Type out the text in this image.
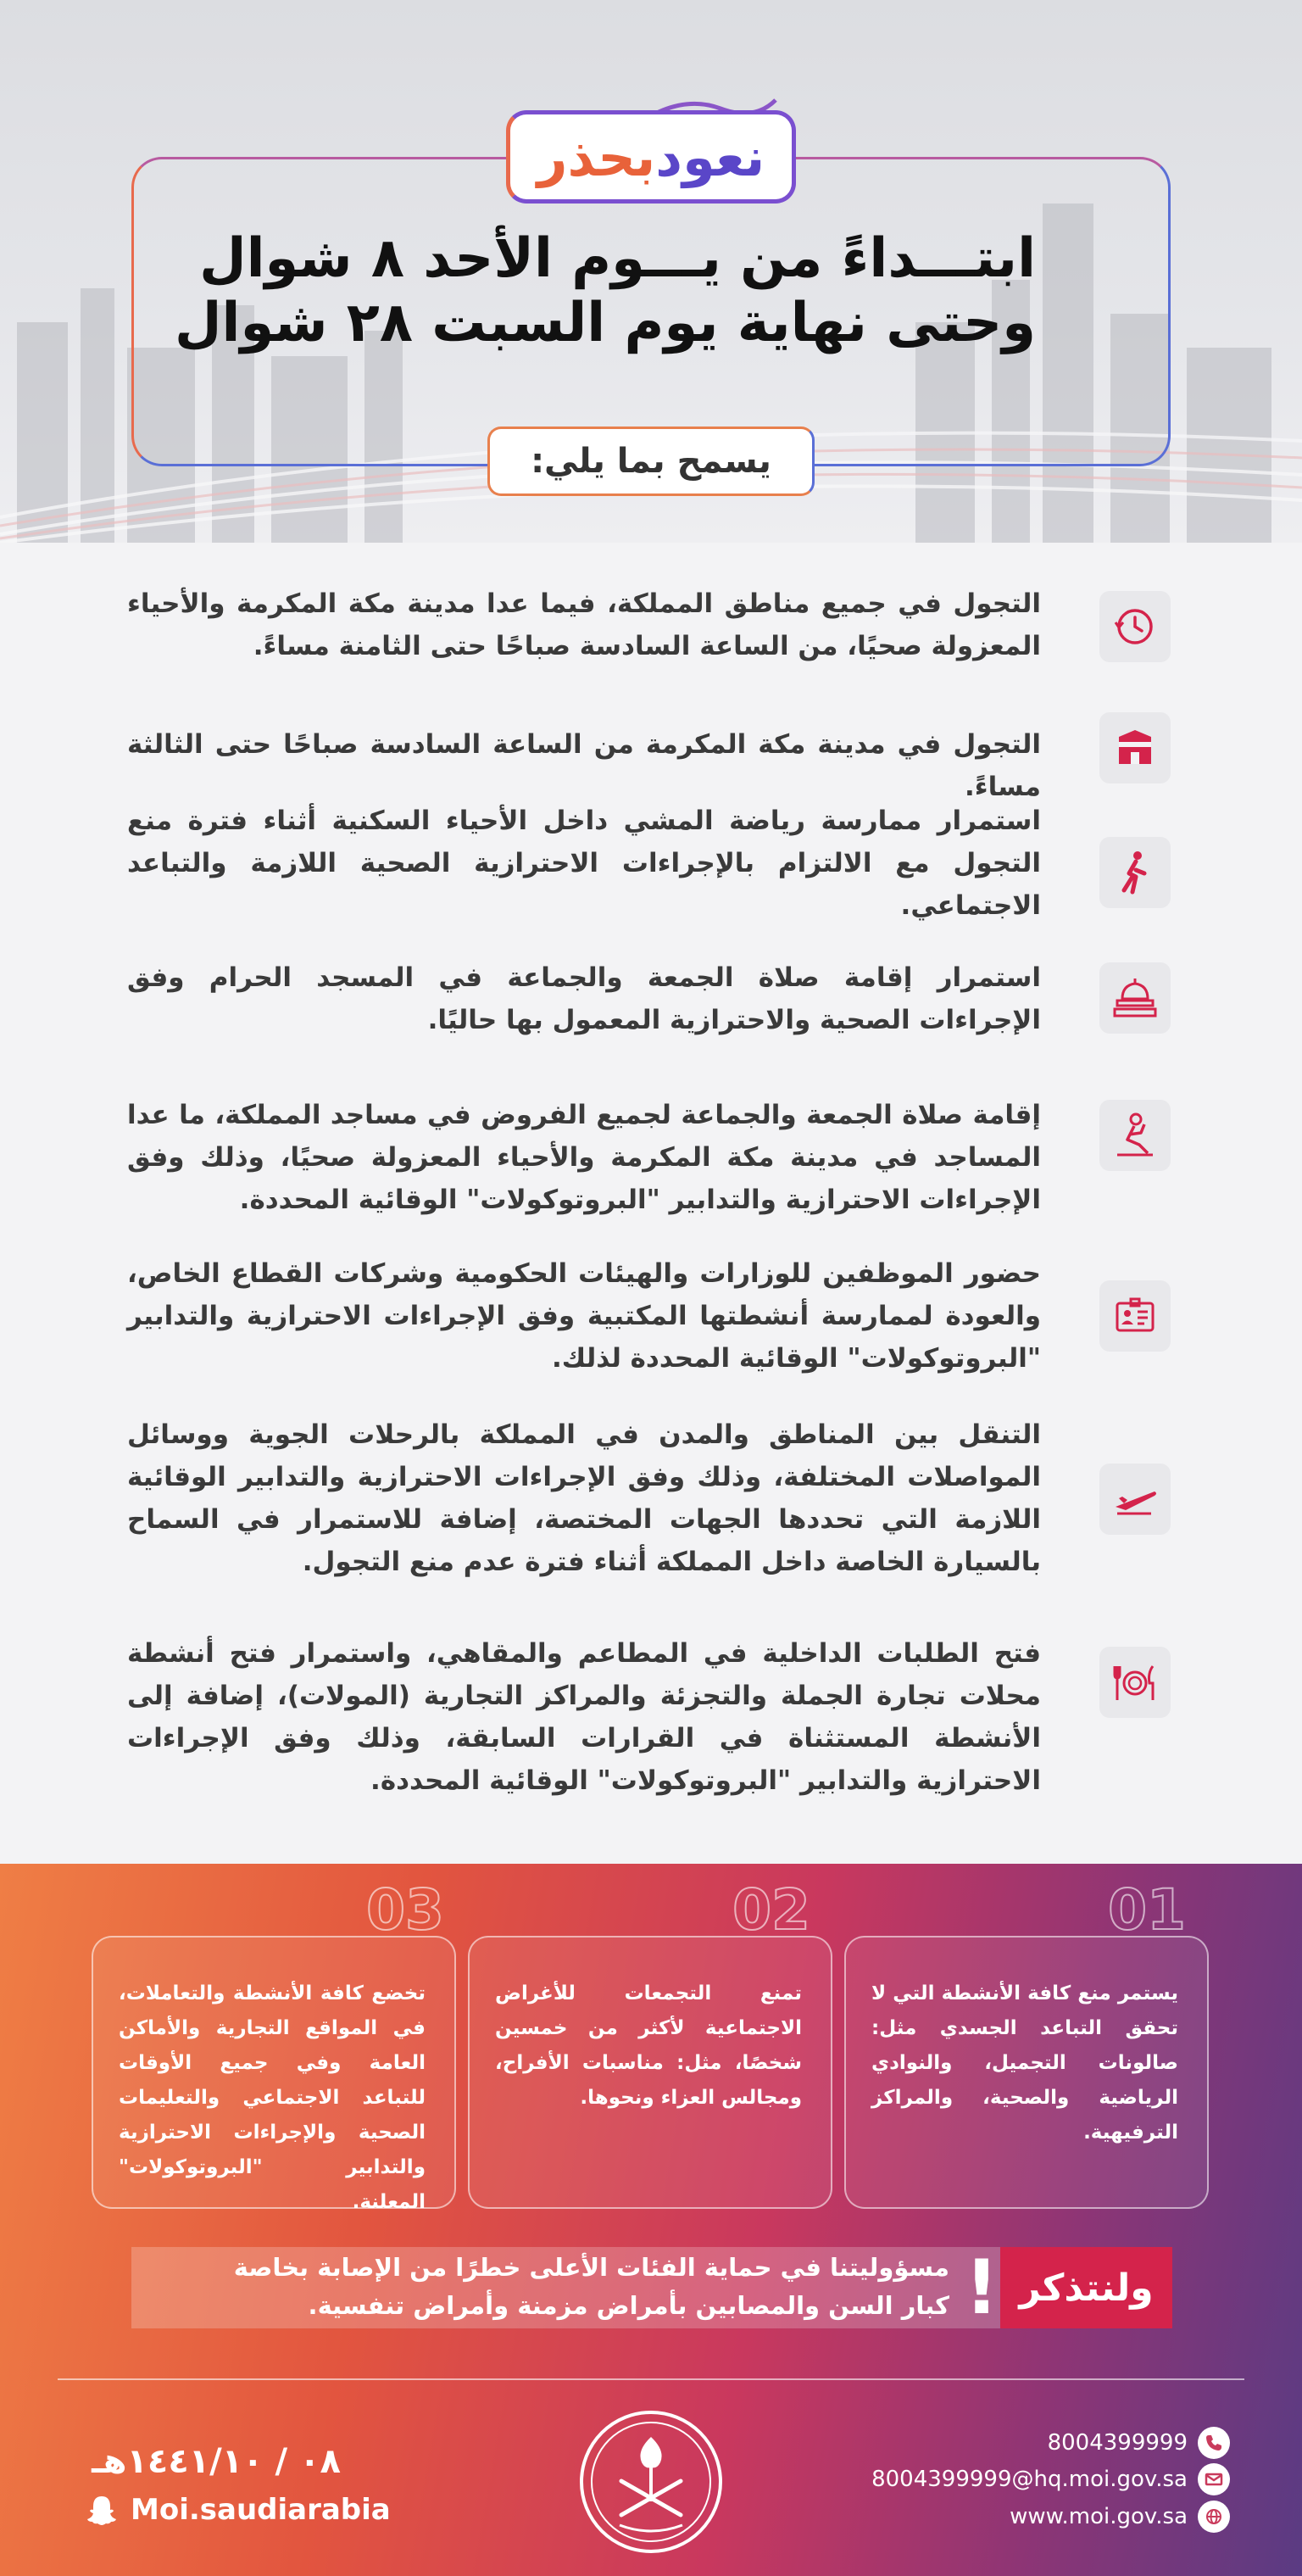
نعود
بحذر
ابتـــداءً من يـــوم الأحد ٨ شوال
وحتى نهاية يوم السبت ٢٨ شوال
يسمح بما يلي:
التجول في جميع مناطق المملكة، فيما عدا مدينة مكة المكرمة والأحياء المعزولة صحيًا، من الساعة السادسة صباحًا حتى الثامنة مساءً.
التجول في مدينة مكة المكرمة من الساعة السادسة صباحًا حتى الثالثة مساءً.
استمرار ممارسة رياضة المشي داخل الأحياء السكنية أثناء فترة منع التجول مع الالتزام بالإجراءات الاحترازية الصحية اللازمة والتباعد الاجتماعي.
استمرار إقامة صلاة الجمعة والجماعة في المسجد الحرام وفق الإجراءات الصحية والاحترازية المعمول بها حاليًا.
إقامة صلاة الجمعة والجماعة لجميع الفروض في مساجد المملكة، ما عدا المساجد في مدينة مكة المكرمة والأحياء المعزولة صحيًا، وذلك وفق الإجراءات الاحترازية والتدابير "البروتوكولات" الوقائية المحددة.
حضور الموظفين للوزارات والهيئات الحكومية وشركات القطاع الخاص، والعودة لممارسة أنشطتها المكتبية وفق الإجراءات الاحترازية والتدابير "البروتوكولات" الوقائية المحددة لذلك.
التنقل بين المناطق والمدن في المملكة بالرحلات الجوية ووسائل المواصلات المختلفة، وذلك وفق الإجراءات الاحترازية والتدابير الوقائية اللازمة التي تحددها الجهات المختصة، إضافة للاستمرار في السماح بالسيارة الخاصة داخل المملكة أثناء فترة عدم منع التجول.
فتح الطلبات الداخلية في المطاعم والمقاهي، واستمرار فتح أنشطة محلات تجارة الجملة والتجزئة والمراكز التجارية (المولات)، إضافة إلى الأنشطة المستثناة في القرارات السابقة، وذلك وفق الإجراءات الاحترازية والتدابير "البروتوكولات" الوقائية المحددة.
01
يستمر منع كافة الأنشطة التي لا تحقق التباعد الجسدي مثل: صالونات التجميل، والنوادي الرياضية والصحية، والمراكز الترفيهية.
02
تمنع التجمعات للأغراض الاجتماعية لأكثر من خمسين شخصًا، مثل: مناسبات الأفراح، ومجالس العزاء ونحوها.
03
تخضع كافة الأنشطة والتعاملات، في المواقع التجارية والأماكن العامة وفي جميع الأوقات للتباعد الاجتماعي والتعليمات الصحية والإجراءات الاحترازية والتدابير "البروتوكولات" المعلنة.
ولنتذكر
!
مسؤوليتنا في حماية الفئات الأعلى خطرًا من الإصابة بخاصة
كبار السن والمصابين بأمراض مزمنة وأمراض تنفسية.
8004399999
8004399999@hq.moi.gov.sa
www.moi.gov.sa
٠٨ / ١٤٤١/١٠هـ
Moi.saudiarabia
